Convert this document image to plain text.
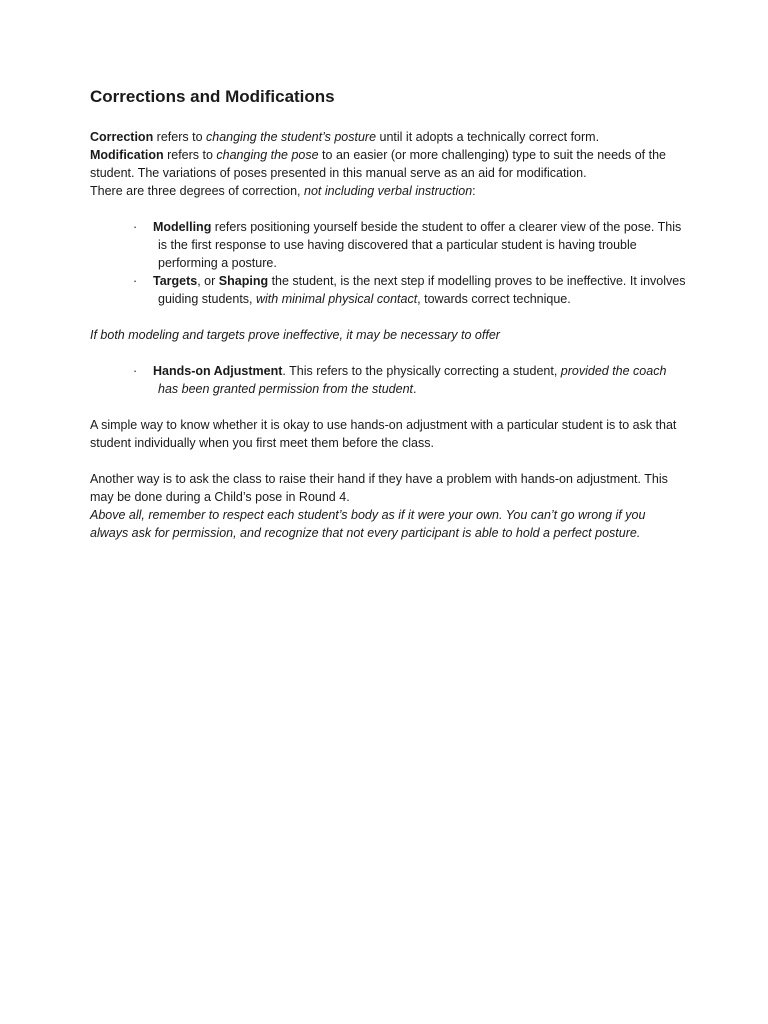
Corrections and Modifications

Correction refers to changing the student’s posture until it adopts a technically correct form.
Modification refers to changing the pose to an easier (or more challenging) type to suit the needs of the student. The variations of poses presented in this manual serve as an aid for modification.
There are three degrees of correction, not including verbal instruction:

· Modelling refers positioning yourself beside the student to offer a clearer view of the pose. This is the first response to use having discovered that a particular student is having trouble performing a posture.
· Targets, or Shaping the student, is the next step if modelling proves to be ineffective. It involves guiding students, with minimal physical contact, towards correct technique.

If both modeling and targets prove ineffective, it may be necessary to offer

· Hands-on Adjustment. This refers to the physically correcting a student, provided the coach has been granted permission from the student.

A simple way to know whether it is okay to use hands-on adjustment with a particular student is to ask that student individually when you first meet them before the class.

Another way is to ask the class to raise their hand if they have a problem with hands-on adjustment. This may be done during a Child’s pose in Round 4.

Above all, remember to respect each student’s body as if it were your own. You can’t go wrong if you always ask for permission, and recognize that not every participant is able to hold a perfect posture.
